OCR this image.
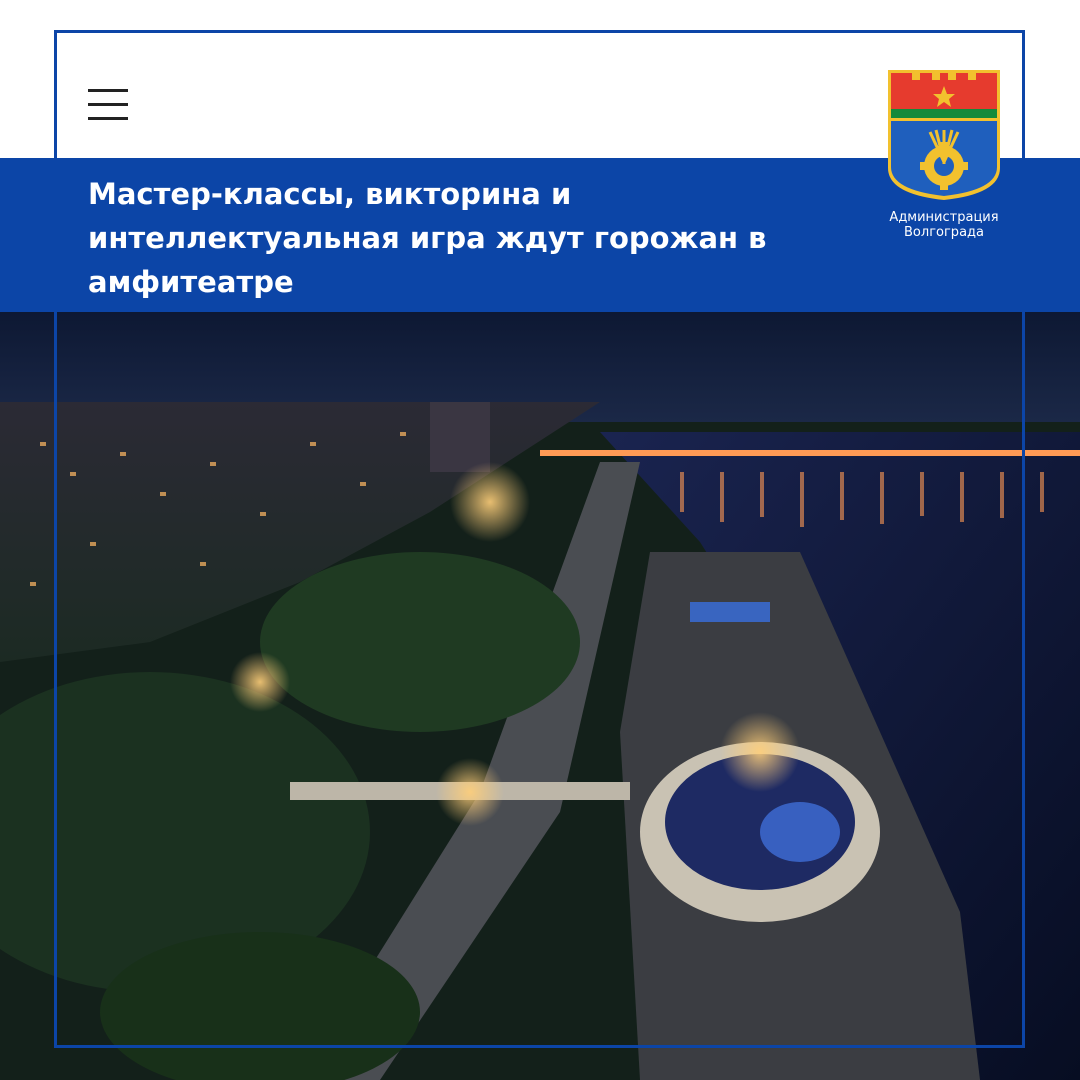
Мастер-классы, викторина и интеллектуальная игра ждут горожан в амфитеатре
Администрация
Волгограда
